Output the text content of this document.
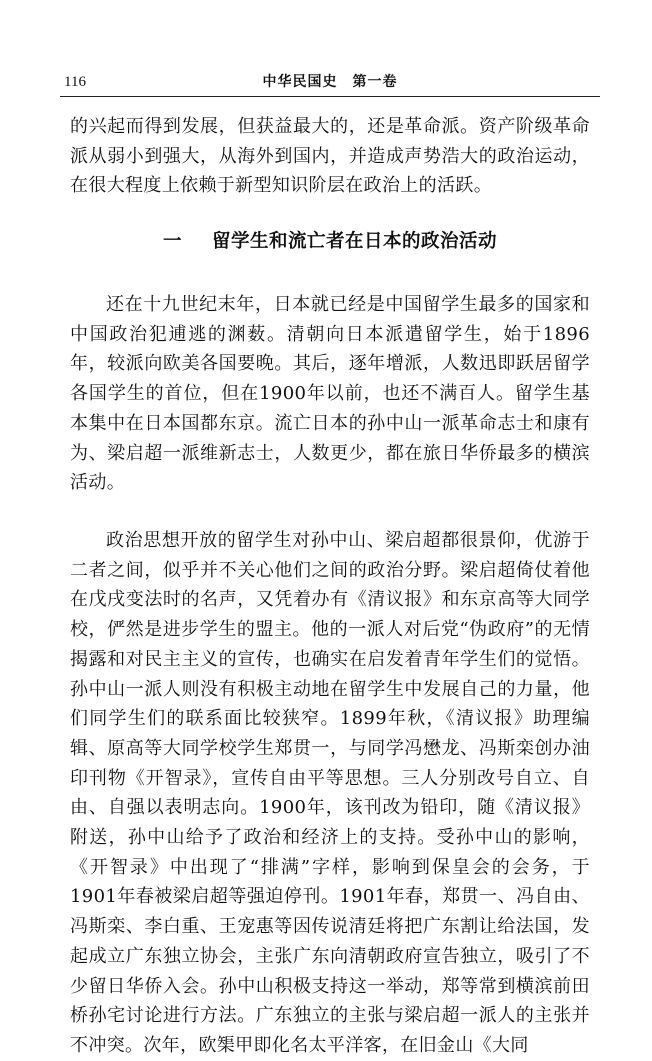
116	中华民国史　第一卷

的兴起而得到发展，但获益最大的，还是革命派。资产阶级革命派从弱小到强大，从海外到国内，并造成声势浩大的政治运动，在很大程度上依赖于新型知识阶层在政治上的活跃。

一 留学生和流亡者在日本的政治活动

还在十九世纪末年，日本就已经是中国留学生最多的国家和中国政治犯逋逃的渊薮。清朝向日本派遣留学生，始于1896年，较派向欧美各国要晚。其后，逐年增派，人数迅即跃居留学各国学生的首位，但在1900年以前，也还不满百人。留学生基本集中在日本国都东京。流亡日本的孙中山一派革命志士和康有为、梁启超一派维新志士，人数更少，都在旅日华侨最多的横滨活动。

政治思想开放的留学生对孙中山、梁启超都很景仰，优游于二者之间，似乎并不关心他们之间的政治分野。梁启超倚仗着他在戊戌变法时的名声，又凭着办有《清议报》和东京高等大同学校，俨然是进步学生的盟主。他的一派人对后党“伪政府”的无情揭露和对民主主义的宣传，也确实在启发着青年学生们的觉悟。孙中山一派人则没有积极主动地在留学生中发展自己的力量，他们同学生们的联系面比较狭窄。1899年秋，《清议报》助理编辑、原高等大同学校学生郑贯一，与同学冯懋龙、冯斯栾创办油印刊物《开智录》，宣传自由平等思想。三人分别改号自立、自由、自强以表明志向。1900年，该刊改为铅印，随《清议报》附送，孙中山给予了政治和经济上的支持。受孙中山的影响，《开智录》中出现了“排满”字样，影响到保皇会的会务，于1901年春被梁启超等强迫停刊。1901年春，郑贯一、冯自由、冯斯栾、李白重、王宠惠等因传说清廷将把广东割让给法国，发起成立广东独立协会，主张广东向清朝政府宣告独立，吸引了不少留日华侨入会。孙中山积极支持这一举动，郑等常到横滨前田桥孙宅讨论进行方法。广东独立的主张与梁启超一派人的主张并不冲突。次年，欧榘甲即化名太平洋客，在旧金山《大同
